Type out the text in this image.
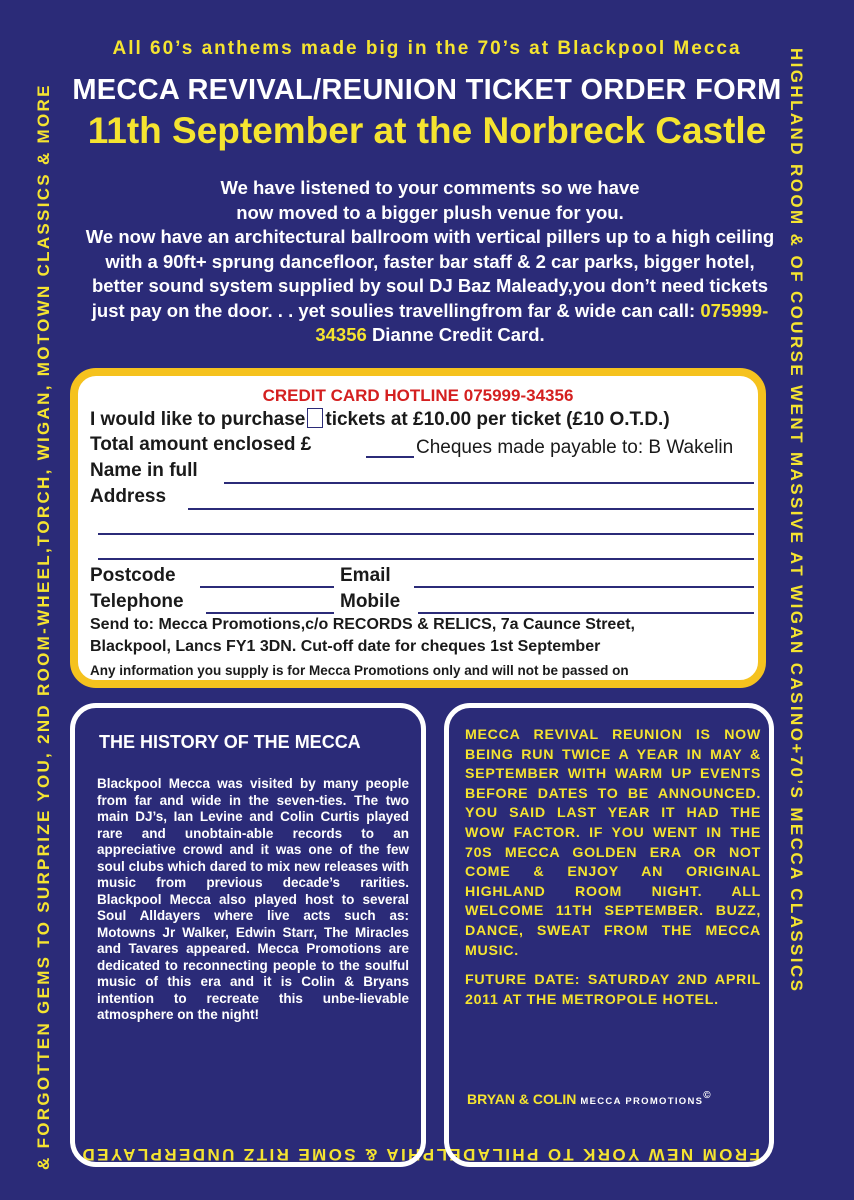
All 60’s anthems made big in the 70’s at Blackpool Mecca	HIGHLAND ROOM & OF COURSE WENT MASSIVE AT WIGAN CASINO+70’S MECCA CLASSICS
FROM NEW YORK TO PHILADELPHIA & SOME RITZ UNDERPLAYED
& FORGOTTEN GEMS TO SURPRIZE YOU, 2ND ROOM-WHEEL,TORCH, WIGAN, MOTOWN CLASSICS & MORE MECCA REVIVAL/REUNION TICKET ORDER FORM
11th September at the Norbreck Castle
We have listened to your comments so we have
now moved to a bigger plush venue for you.
We now have an architectural ballroom with vertical pillers up to a high ceiling with a 90ft+ sprung dancefloor, faster bar staff & 2 car parks, bigger hotel, better sound system supplied by soul DJ Baz Maleady,you don’t need tickets just pay on the door. . . yet soulies travellingfrom far & wide can call: 075999-34356 Dianne Credit Card.
CREDIT CARD HOTLINE 075999-34356
I would like to purchase tickets at £10.00 per ticket (£10 O.T.D.)
Total amount enclosed £	Cheques made payable to: B Wakelin
Name in full
Address
Postcode	Email
Telephone	Mobile
Send to: Mecca Promotions,c/o RECORDS & RELICS, 7a Caunce Street,
Blackpool, Lancs FY1 3DN. Cut-off date for cheques 1st September
Any information you supply is for Mecca Promotions only and will not be passed on
THE HISTORY OF THE MECCA
Blackpool Mecca was visited by many people from far and wide in the seven-ties. The two main DJ’s, Ian Levine and Colin Curtis played rare and unobtain-able records to an appreciative crowd and it was one of the few soul clubs which dared to mix new releases with music from previous decade’s rarities. Blackpool Mecca also played host to several Soul Alldayers where live acts such as: Motowns Jr Walker, Edwin Starr, The Miracles and Tavares appeared. Mecca Promotions are dedicated to reconnecting people to the soulful music of this era and it is Colin & Bryans intention to recreate this unbe-lievable atmosphere on the night!

MECCA REVIVAL REUNION IS NOW BEING RUN TWICE A YEAR IN MAY & SEPTEMBER WITH WARM UP EVENTS BEFORE DATES TO BE ANNOUNCED. YOU SAID LAST YEAR IT HAD THE WOW FACTOR. IF YOU WENT IN THE 70S MECCA GOLDEN ERA OR NOT COME & ENJOY AN ORIGINAL HIGHLAND ROOM NIGHT. ALL WELCOME 11TH SEPTEMBER. BUZZ, DANCE, SWEAT FROM THE MECCA MUSIC.

FUTURE DATE: SATURDAY 2ND APRIL 2011 AT THE METROPOLE HOTEL.

BRYAN & COLIN MECCA PROMOTIONS©
